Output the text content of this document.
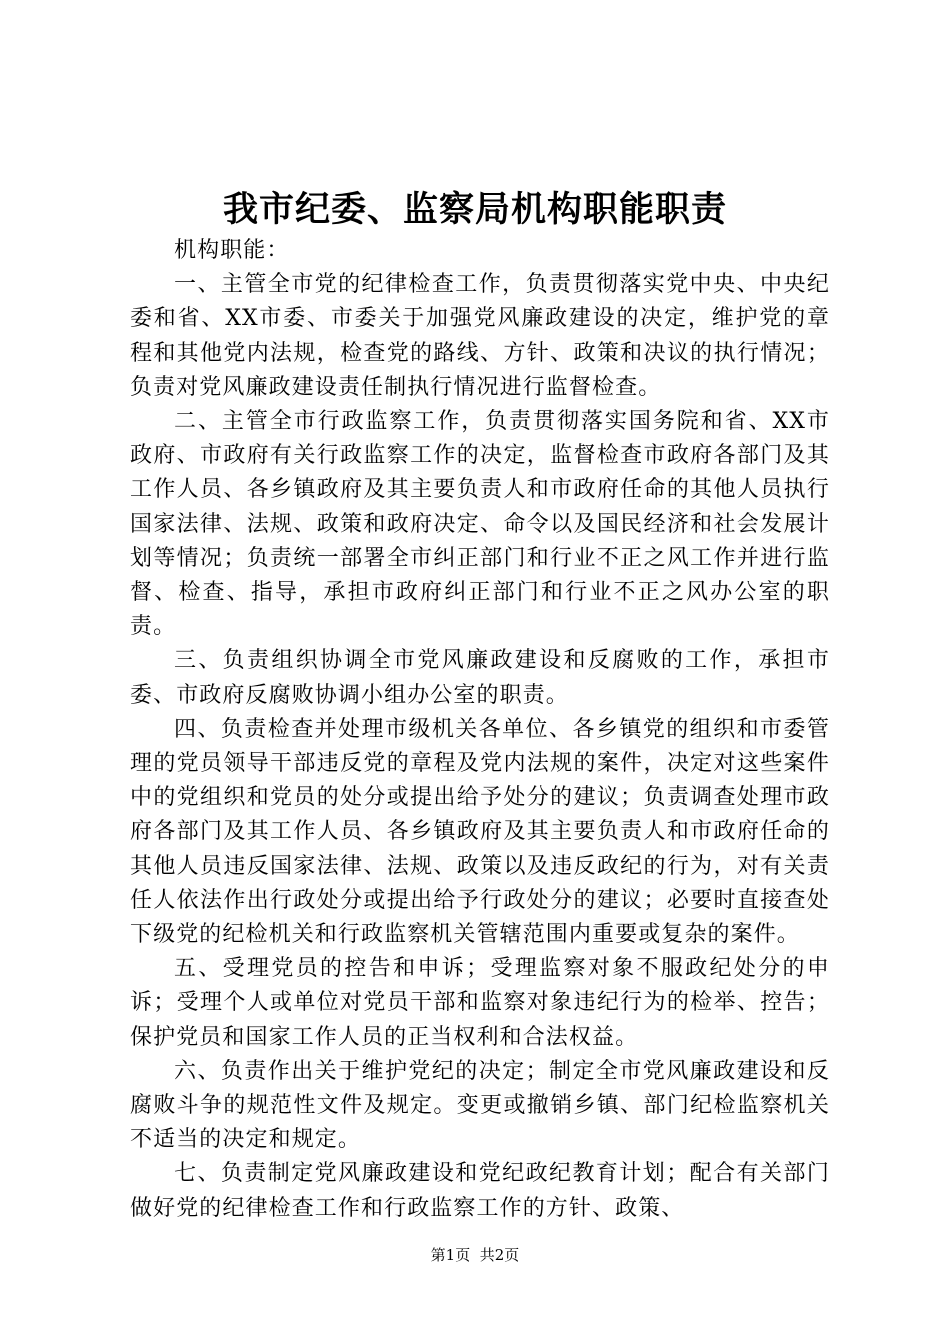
我市纪委、监察局机构职能职责

机构职能：

一、主管全市党的纪律检查工作，负责贯彻落实党中央、中央纪委和省、XX市委、市委关于加强党风廉政建设的决定，维护党的章程和其他党内法规，检查党的路线、方针、政策和决议的执行情况；负责对党风廉政建设责任制执行情况进行监督检查。

二、主管全市行政监察工作，负责贯彻落实国务院和省、XX市政府、市政府有关行政监察工作的决定，监督检查市政府各部门及其工作人员、各乡镇政府及其主要负责人和市政府任命的其他人员执行国家法律、法规、政策和政府决定、命令以及国民经济和社会发展计划等情况；负责统一部署全市纠正部门和行业不正之风工作并进行监督、检查、指导，承担市政府纠正部门和行业不正之风办公室的职责。

三、负责组织协调全市党风廉政建设和反腐败的工作，承担市委、市政府反腐败协调小组办公室的职责。

四、负责检查并处理市级机关各单位、各乡镇党的组织和市委管理的党员领导干部违反党的章程及党内法规的案件，决定对这些案件中的党组织和党员的处分或提出给予处分的建议；负责调查处理市政府各部门及其工作人员、各乡镇政府及其主要负责人和市政府任命的其他人员违反国家法律、法规、政策以及违反政纪的行为，对有关责任人依法作出行政处分或提出给予行政处分的建议；必要时直接查处下级党的纪检机关和行政监察机关管辖范围内重要或复杂的案件。

五、受理党员的控告和申诉；受理监察对象不服政纪处分的申诉；受理个人或单位对党员干部和监察对象违纪行为的检举、控告；保护党员和国家工作人员的正当权利和合法权益。

六、负责作出关于维护党纪的决定；制定全市党风廉政建设和反腐败斗争的规范性文件及规定。变更或撤销乡镇、部门纪检监察机关不适当的决定和规定。

七、负责制定党风廉政建设和党纪政纪教育计划；配合有关部门做好党的纪律检查工作和行政监察工作的方针、政策、

第1页 共2页
